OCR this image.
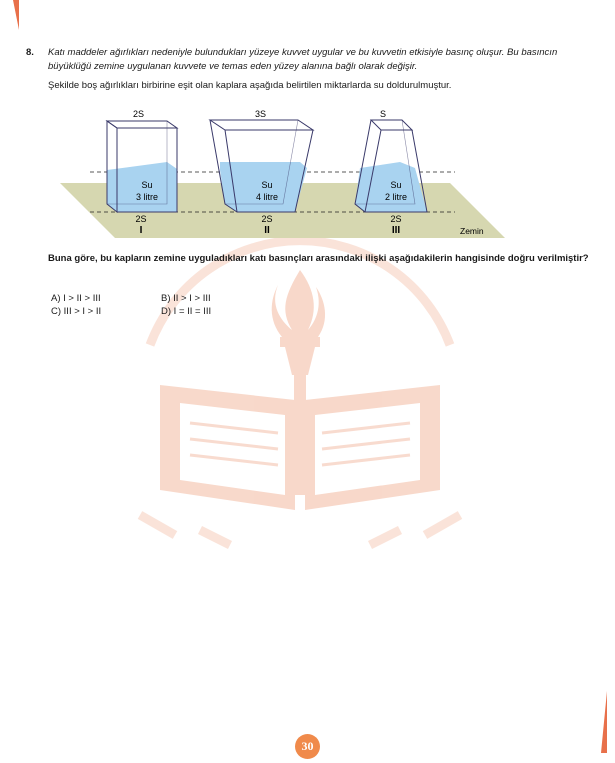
8. Katı maddeler ağırlıkları nedeniyle bulundukları yüzeye kuvvet uygular ve bu kuvvetin etkisiyle basınç oluşur. Bu basıncın büyüklüğü zemine uygulanan kuvvete ve temas eden yüzey alanına bağlı olarak değişir.
Şekilde boş ağırlıkları birbirine eşit olan kaplara aşağıda belirtilen miktarlarda su doldurulmuştur.
2S
Su
3 litre
2S
I
3S
Su
4 litre
2S
II
S
Su
2 litre
2S
III	Zemin
Buna göre, bu kapların zemine uyguladıkları katı basınçları arasındaki ilişki aşağıdakilerin hangisinde doğru verilmiştir?
A) I > II > III	B) II > I > III
C) III > I > II	D) I = II = III
30
